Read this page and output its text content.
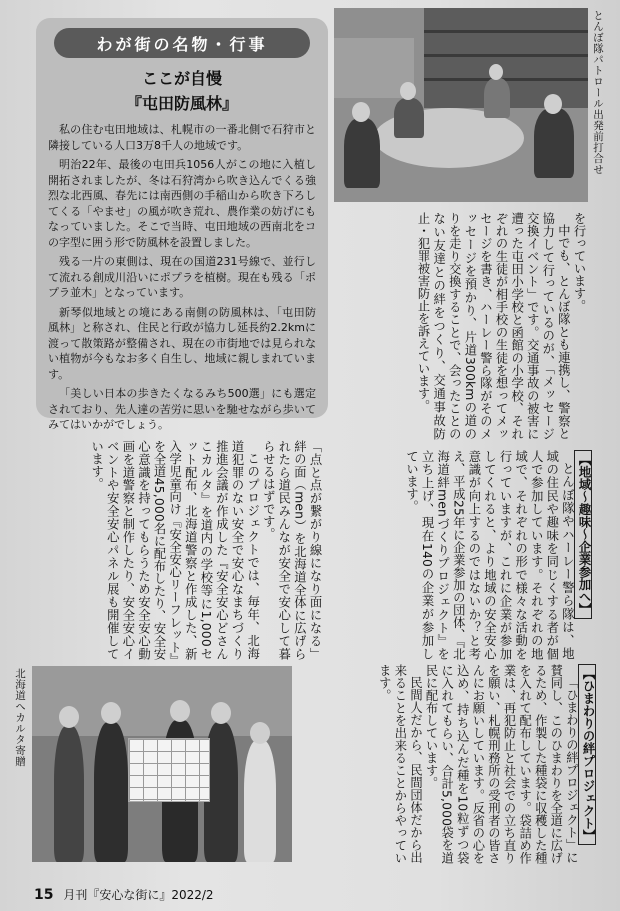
わが街の名物・行事
ここが自慢
『屯田防風林』

私の住む屯田地域は、札幌市の一番北側で石狩市と隣接している人口3万8千人の地域です。

明治22年、最後の屯田兵1056人がこの地に入植し開拓されましたが、冬は石狩湾から吹き込んでくる強烈な北西風、春先には南西側の手稲山から吹き下ろしてくる「やませ」の風が吹き荒れ、農作業の妨げにもなっていました。そこで当時、屯田地域の西南北をコの字型に囲う形で防風林を設置しました。

残る一片の東側は、現在の国道231号線で、並行して流れる創成川沿いにポプラを植樹。現在も残る「ポプラ並木」となっています。

新琴似地域との境にある南側の防風林は、「屯田防風林」と称され、住民と行政が協力し延長約2.2kmに渡って散策路が整備され、現在の市街地では見られない植物が今もなお多く自生し、地域に親しまれています。

「美しい日本の歩きたくなるみち500選」にも選定されており、先人達の苦労に思いを馳せながら歩いてみてはいかがでしょう。

とんぼ隊パトロール出発前打合せ

を行っています。

中でも、とんぼ隊とも連携し、警察と協力して行っているのが、「メッセージ交換イベント」です。交通事故の被害に遭った屯田小学校と函館の小学校、それぞれの生徒が相手校の生徒を想ってメッセージを書き、ハーレー警ら隊がそのメッセージを預かり、片道300kmの道のりを走り交換することで、会ったことのない友達との絆をつくり、交通事故防止・犯罪被害防止を訴えています。

【地域～趣味～企業参加へ】

とんぼ隊やハーレー警ら隊は、地域の住民や趣味を同じくする者が個人で参加しています。それぞれの地域で、それぞれの形で様々な活動を行っていますが、これに企業が参加してくれると、より地域の安全安心意識が向上するのではないか？と考え、平成25年に企業参加の団体、『北海道絆menづくりプロジェクト』を立ち上げ、現在140の企業が参加しています。

【ひまわりの絆プロジェクト】

「ひまわりの絆プロジェクト」に賛同し、このひまわりを全道に広げるため、作製した種袋に収穫した種を入れて配布しています。袋詰め作業は、再犯防止と社会での立ち直りを願い、札幌刑務所の受刑者の皆さんにお願いしています。反省の心を込め、持ち込んだ種を10粒ずつ袋に入れてもらい、合計5,000袋を道民に配布しています。

民間人だから、民間団体だから出来ることを出来ることからやっています。

「点と点が繋がり線になり面になる」絆の面（men）を北海道全体に広げられたら道民みんなが安全で安心して暮らせるはずです。

このプロジェクトでは、毎年、北海道犯罪のない安全で安心なまちづくり推進会議が作成した『安全安心どさんこカルタ』を道内の学校等に1,000セット配布、北海道警察と作成した、新入学児童向け『安全安心リーフレット』を全道45,000名に配布したり、安全安心意識を持ってもらうため安全安心動画を道警察と制作したり、安全安心イベントや安全安心パネル展も開催しています。

北海道へカルタ寄贈
15 月刊『安心な街に』2022/2
